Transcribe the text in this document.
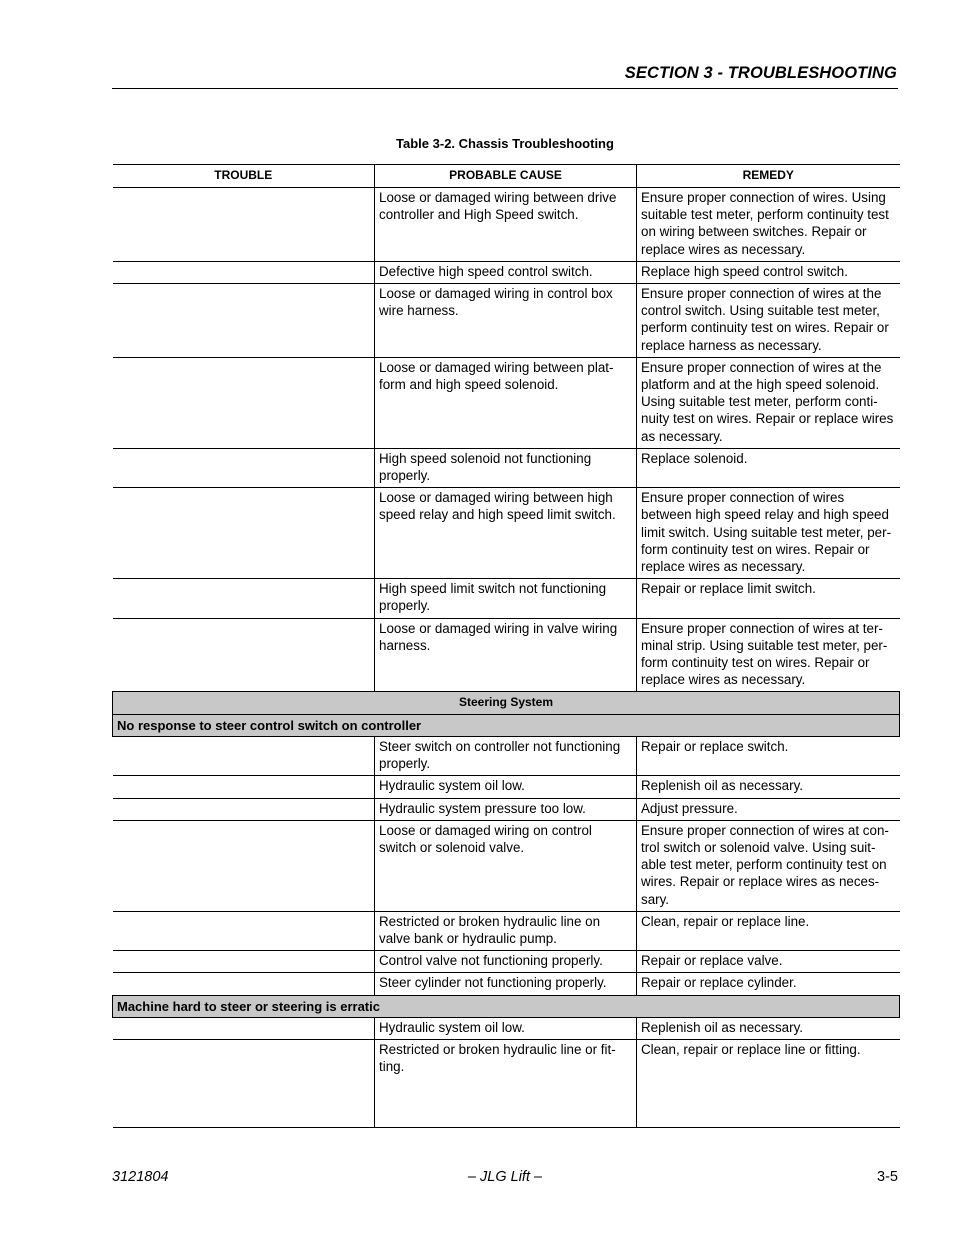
SECTION 3 - TROUBLESHOOTING
Table 3-2. Chassis Troubleshooting
TROUBLE	PROBABLE CAUSE	REMEDY
	Loose or damaged wiring between drive controller and High Speed switch.	Ensure proper connection of wires. Using suitable test meter, perform continuity test on wiring between switches. Repair or replace wires as necessary.
	Defective high speed control switch.	Replace high speed control switch.
	Loose or damaged wiring in control box wire harness.	Ensure proper connection of wires at the control switch. Using suitable test meter, perform continuity test on wires. Repair or replace harness as necessary.
	Loose or damaged wiring between plat- form and high speed solenoid.	Ensure proper connection of wires at the platform and at the high speed solenoid. Using suitable test meter, perform conti- nuity test on wires. Repair or replace wires as necessary.
	High speed solenoid not functioning properly.	Replace solenoid.
	Loose or damaged wiring between high speed relay and high speed limit switch.	Ensure proper connection of wires between high speed relay and high speed limit switch. Using suitable test meter, per- form continuity test on wires. Repair or replace wires as necessary.
	High speed limit switch not functioning properly.	Repair or replace limit switch.
	Loose or damaged wiring in valve wiring harness.	Ensure proper connection of wires at ter- minal strip. Using suitable test meter, per- form continuity test on wires. Repair or replace wires as necessary.
Steering System		
No response to steer control switch on controller		
	Steer switch on controller not functioning properly.	Repair or replace switch.
	Hydraulic system oil low.	Replenish oil as necessary.
	Hydraulic system pressure too low.	Adjust pressure.
	Loose or damaged wiring on control switch or solenoid valve.	Ensure proper connection of wires at con- trol switch or solenoid valve. Using suit- able test meter, perform continuity test on wires. Repair or replace wires as neces- sary.
	Restricted or broken hydraulic line on valve bank or hydraulic pump.	Clean, repair or replace line.
	Control valve not functioning properly.	Repair or replace valve.
	Steer cylinder not functioning properly.	Repair or replace cylinder.
Machine hard to steer or steering is erratic		
	Hydraulic system oil low.	Replenish oil as necessary.
	Restricted or broken hydraulic line or fit- ting.	Clean, repair or replace line or fitting.
3121804	– JLG Lift –	3-5
